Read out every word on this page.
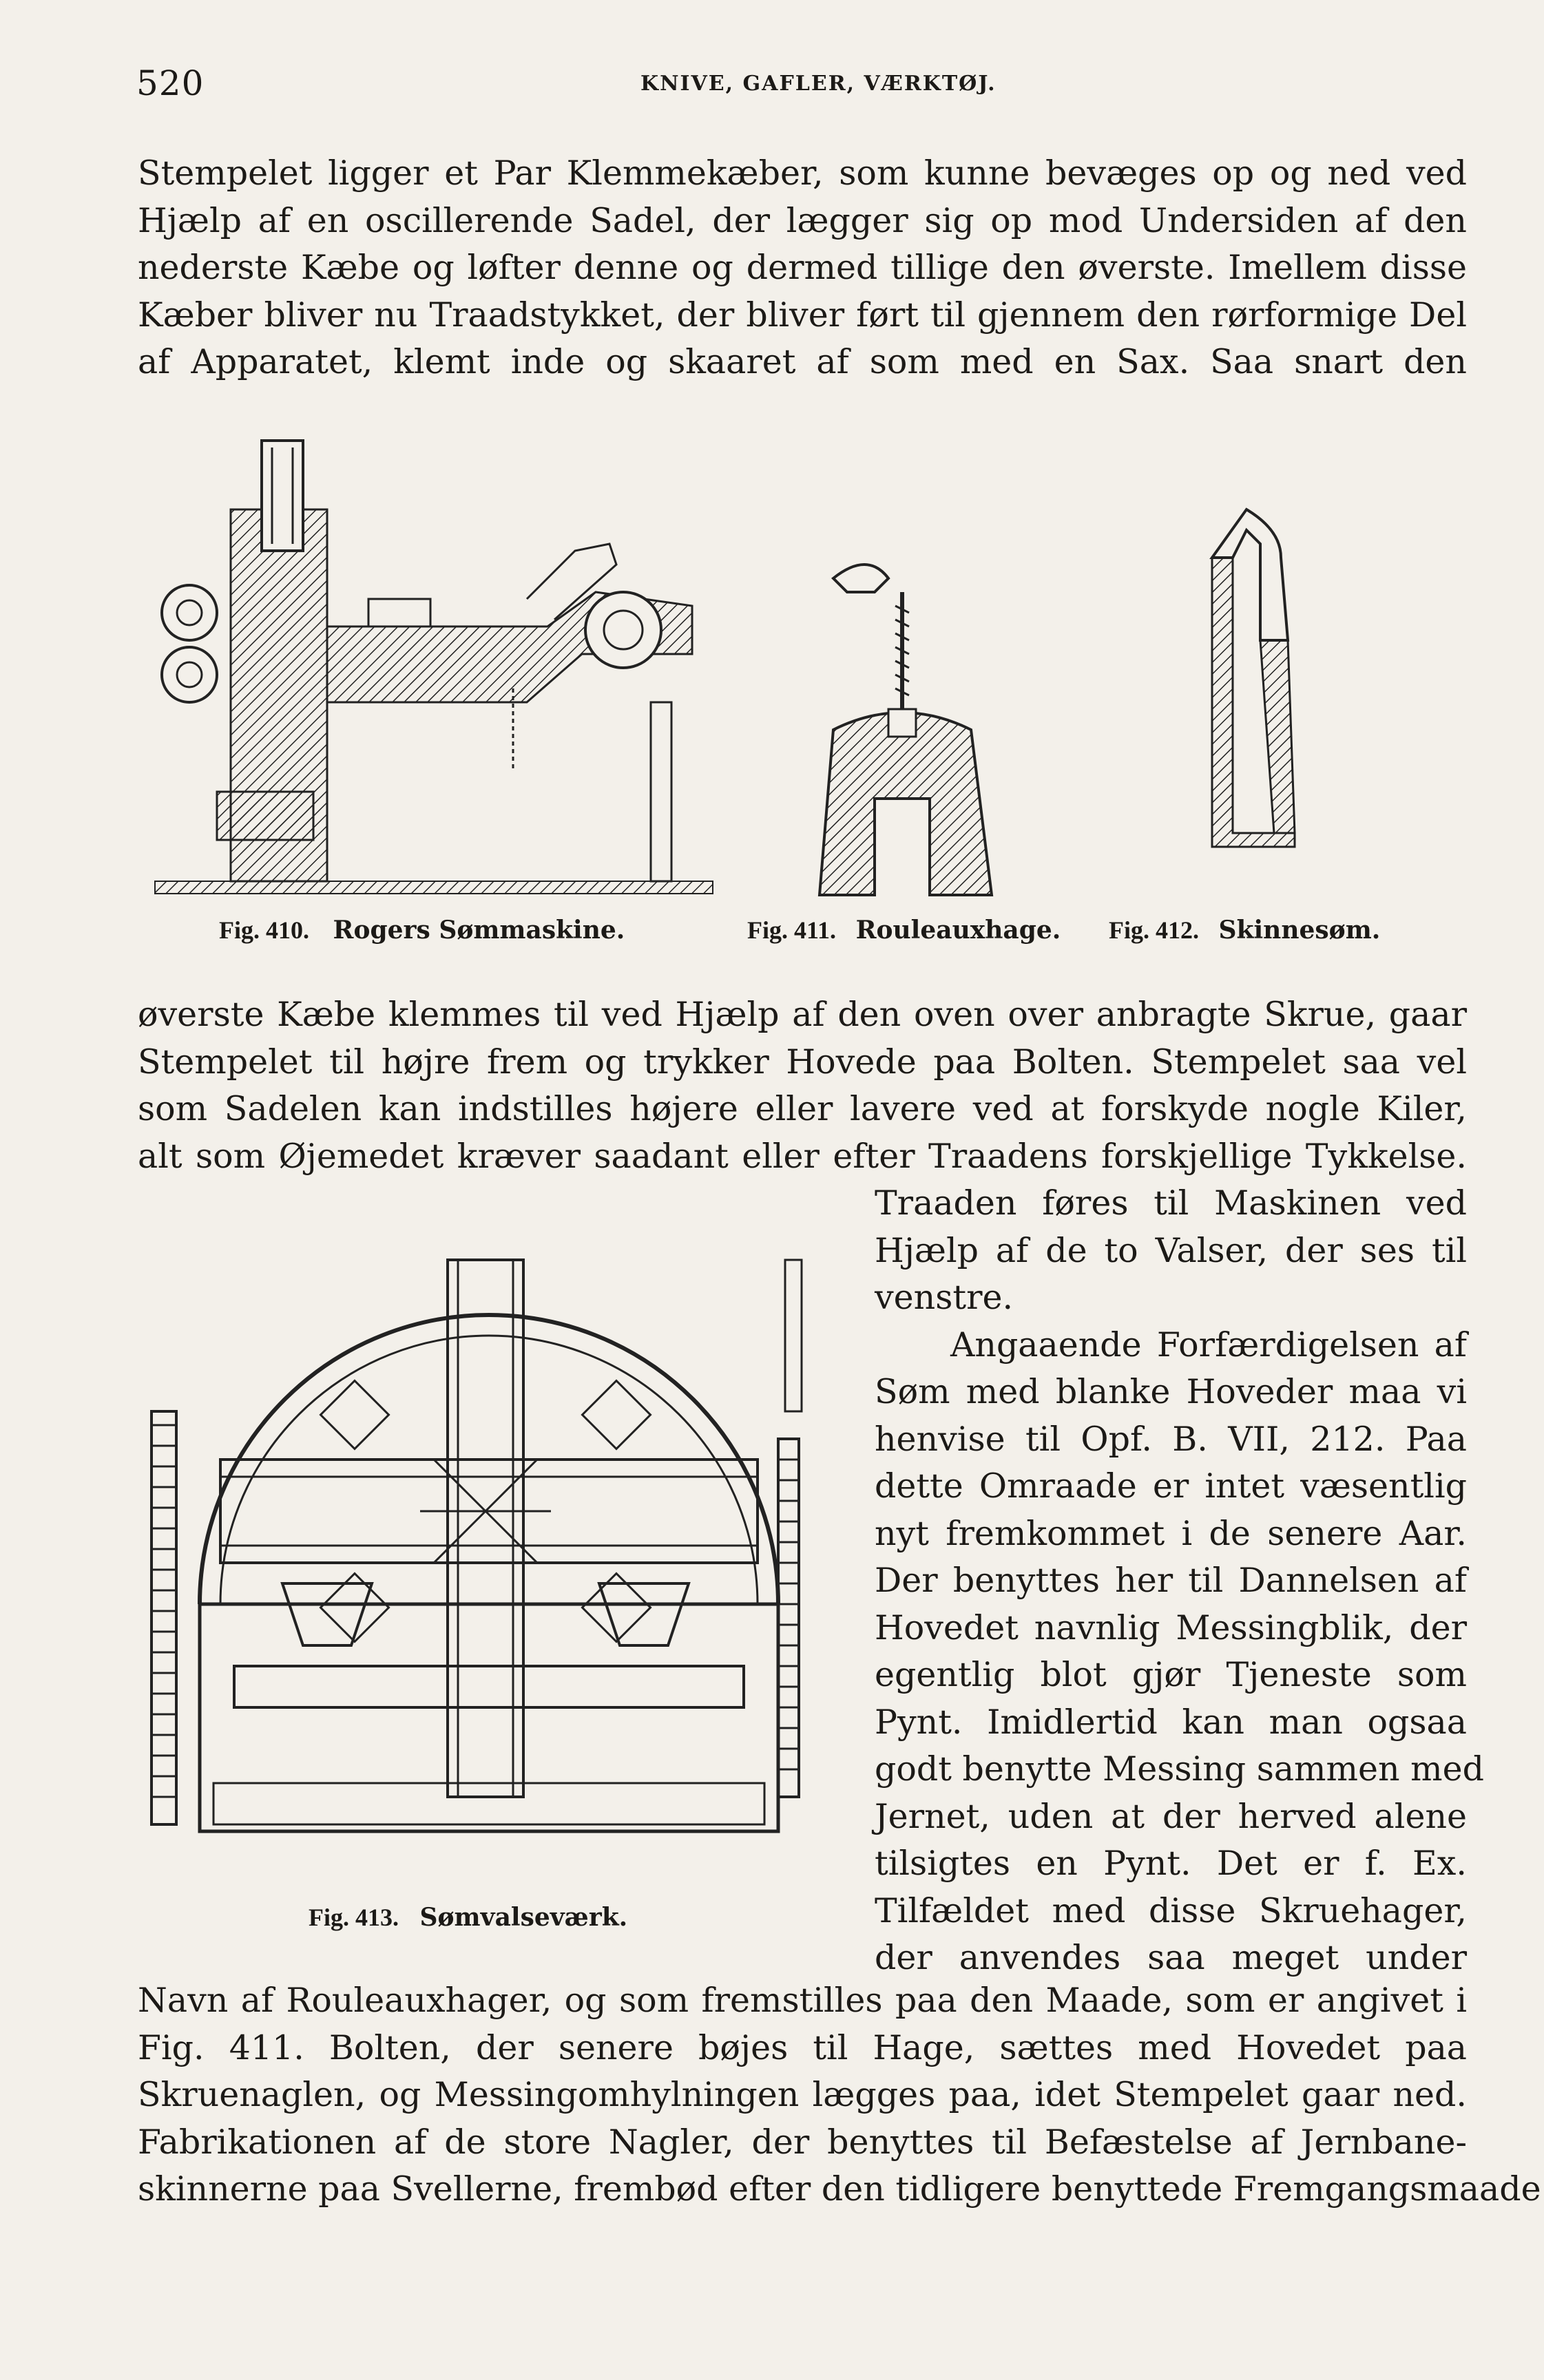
520	KNIVE, GAFLER, VÆRKTØJ.
Stempelet ligger et Par Klemmekæber, som kunne bevæges op og ned ved
Hjælp af en oscillerende Sadel, der lægger sig op mod Undersiden af den
nederste Kæbe og løfter denne og dermed tillige den øverste. Imellem disse
Kæber bliver nu Traadstykket, der bliver ført til gjennem den rørformige Del
af Apparatet, klemt inde og skaaret af som med en Sax. Saa snart den
Fig. 410. Rogers Sømmaskine.	Fig. 411. Rouleauxhage. Fig. 412. Skinnesøm.
øverste Kæbe klemmes til ved Hjælp af den oven over anbragte Skrue, gaar
Stempelet til højre frem og trykker Hovede paa Bolten. Stempelet saa vel
som Sadelen kan indstilles højere eller lavere ved at forskyde nogle Kiler,
alt som Øjemedet kræver saadant eller efter Traadens forskjellige Tykkelse.
Traaden føres til Maskinen ved
Hjælp af de to Valser, der ses til
venstre.
Angaaende Forfærdigelsen af
Søm med blanke Hoveder maa vi
henvise til Opf. B. VII, 212. Paa
dette Omraade er intet væsentlig
nyt fremkommet i de senere Aar.
Der benyttes her til Dannelsen af
Hovedet navnlig Messingblik, der
egentlig blot gjør Tjeneste som
Pynt. Imidlertid kan man ogsaa
godt benytte Messing sammen med
Jernet, uden at der herved alene
tilsigtes en Pynt. Det er f. Ex.
Tilfældet med disse Skruehager,
der anvendes saa meget under
Fig. 413. Sømvalseværk.
Navn af Rouleauxhager, og som fremstilles paa den Maade, som er angivet i
Fig. 411. Bolten, der senere bøjes til Hage, sættes med Hovedet paa
Skruenaglen, og Messingomhylningen lægges paa, idet Stempelet gaar ned.
Fabrikationen af de store Nagler, der benyttes til Befæstelse af Jernbane-
skinnerne paa Svellerne, frembød efter den tidligere benyttede Fremgangsmaade
